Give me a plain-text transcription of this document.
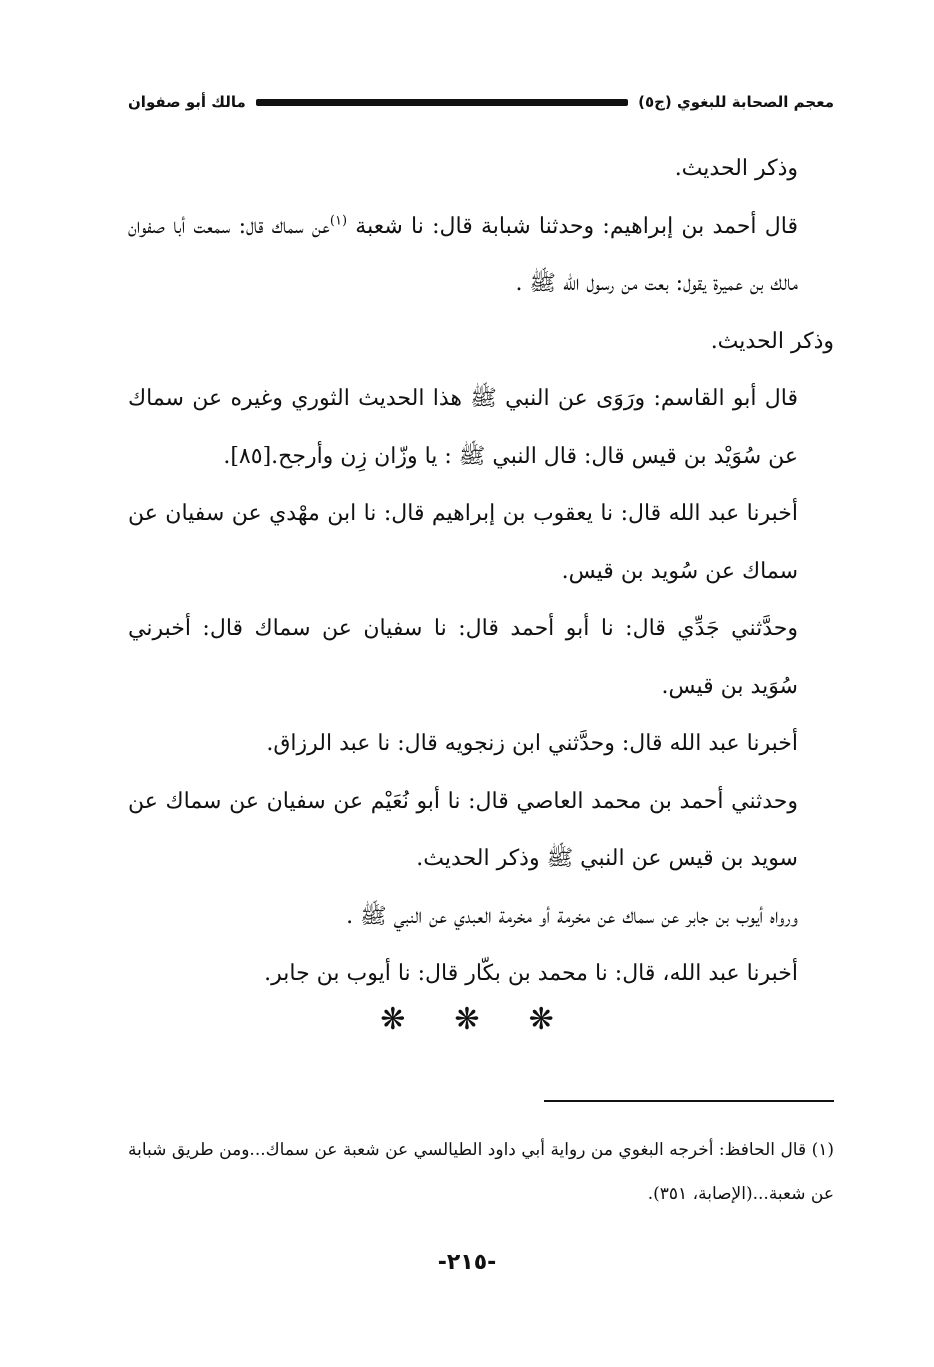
معجم الصحابة للبغوي (ج٥)
مالك أبو صفوان

وذكر الحديث.

قال أحمد بن إبراهيم: وحدثنا شبابة قال: نا شعبة $^{(١)}$عن سماك قال: سمعت أبا صفوان مالك بن عميرة يقول: بعت من رسول الله ﷺ .

وذكر الحديث.

قال أبو القاسم: ورَوَى عن النبي ﷺ هذا الحديث الثوري وغيره عن سماك عن سُوَيْد بن قيس قال: قال النبي ﷺ : يا وزّان زِن وأرجح.[٨٥].

أخبرنا عبد الله قال: نا يعقوب بن إبراهيم قال: نا ابن مهْدي عن سفيان عن سماك عن سُويد بن قيس.

وحدَّثني جَدِّي قال: نا أبو أحمد قال: نا سفيان عن سماك قال: أخبرني سُوَيد بن قيس.

أخبرنا عبد الله قال: وحدَّثني ابن زنجويه قال: نا عبد الرزاق.

وحدثني أحمد بن محمد العاصي قال: نا أبو نُعَيْم عن سفيان عن سماك عن سويد بن قيس عن النبي ﷺ وذكر الحديث.

ورواه أيوب بن جابر عن سماك عن مخرمة أو مخرمة العبدي عن النبي ﷺ .

أخبرنا عبد الله، قال: نا محمد بن بكّار قال: نا أيوب بن جابر.

❋ ❋ ❋

(١) قال الحافظ: أخرجه البغوي من رواية أبي داود الطيالسي عن شعبة عن سماك...ومن طريق شبابة عن شعبة...(الإصابة، ٣٥١).

-٢١٥-
